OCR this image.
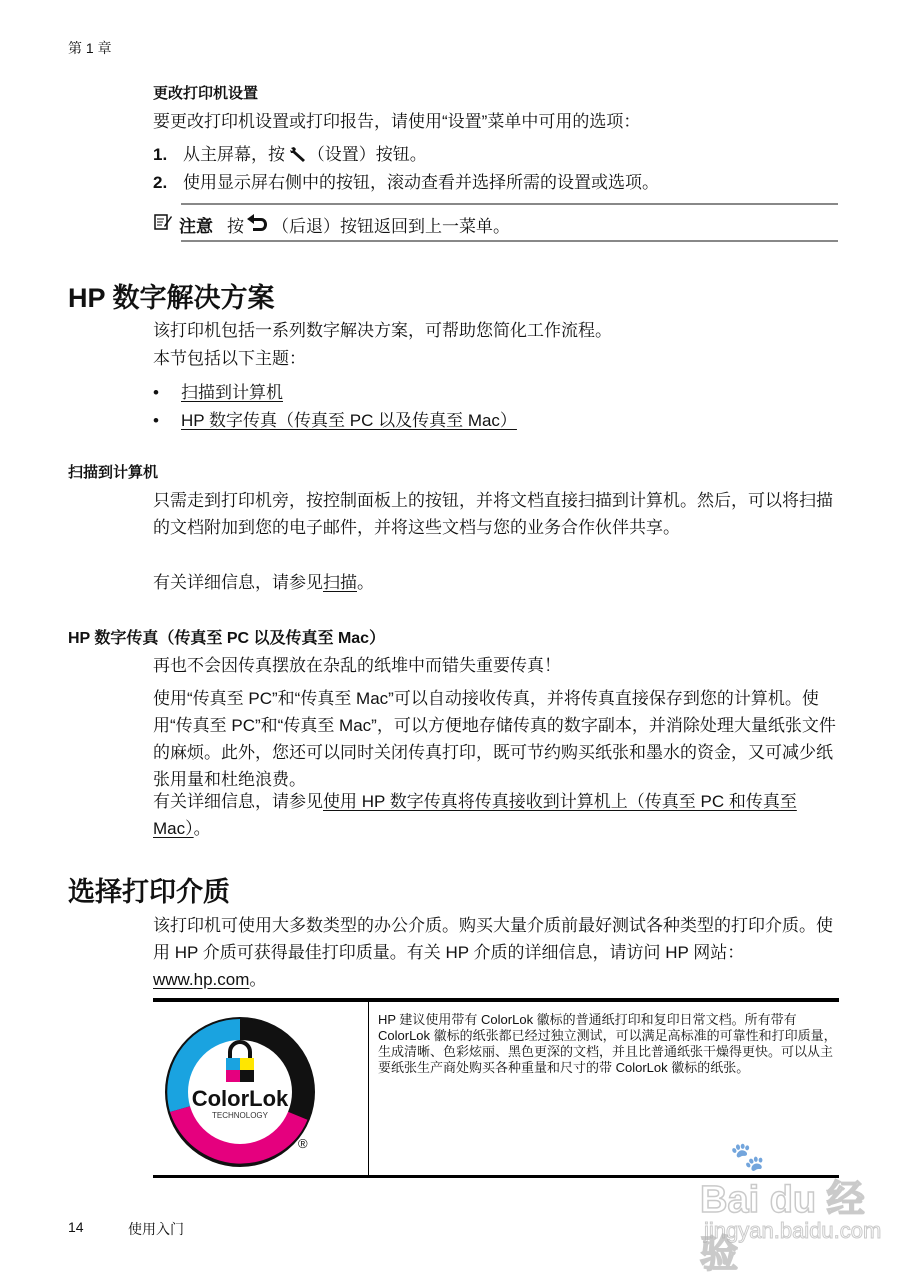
第 1 章
更改打印机设置
要更改打印机设置或打印报告，请使用“设置”菜单中可用的选项：
1. 从主屏幕，按 （设置）按钮。
2. 使用显示屏右侧中的按钮，滚动查看并选择所需的设置或选项。
注意 按 （后退）按钮返回到上一菜单。
HP 数字解决方案
该打印机包括一系列数字解决方案，可帮助您简化工作流程。
本节包括以下主题：
• 扫描到计算机
• HP 数字传真（传真至 PC 以及传真至 Mac）
扫描到计算机
只需走到打印机旁，按控制面板上的按钮，并将文档直接扫描到计算机。然后，可以将扫描的文档附加到您的电子邮件，并将这些文档与您的业务合作伙伴共享。
有关详细信息，请参见扫描。
HP 数字传真（传真至 PC 以及传真至 Mac）
再也不会因传真摆放在杂乱的纸堆中而错失重要传真！
使用“传真至 PC”和“传真至 Mac”可以自动接收传真，并将传真直接保存到您的计算机。使用“传真至 PC”和“传真至 Mac”，可以方便地存储传真的数字副本，并消除处理大量纸张文件的麻烦。此外，您还可以同时关闭传真打印，既可节约购买纸张和墨水的资金，又可减少纸张用量和杜绝浪费。
有关详细信息，请参见使用 HP 数字传真将传真接收到计算机上（传真至 PC 和传真至 Mac）。
选择打印介质
该打印机可使用大多数类型的办公介质。购买大量介质前最好测试各种类型的打印介质。使用 HP 介质可获得最佳打印质量。有关 HP 介质的详细信息，请访问 HP 网站：www.hp.com。
ColorLok
TECHNOLOGY
®
HP 建议使用带有 ColorLok 徽标的普通纸打印和复印日常文档。所有带有 ColorLok 徽标的纸张都已经过独立测试，可以满足高标准的可靠性和打印质量，生成清晰、色彩炫丽、黑色更深的文档，并且比普通纸张干燥得更快。可以从主要纸张生产商处购买各种重量和尺寸的带 ColorLok 徽标的纸张。
14	使用入门
🐾
Bai du 经验
jingyan.baidu.com
